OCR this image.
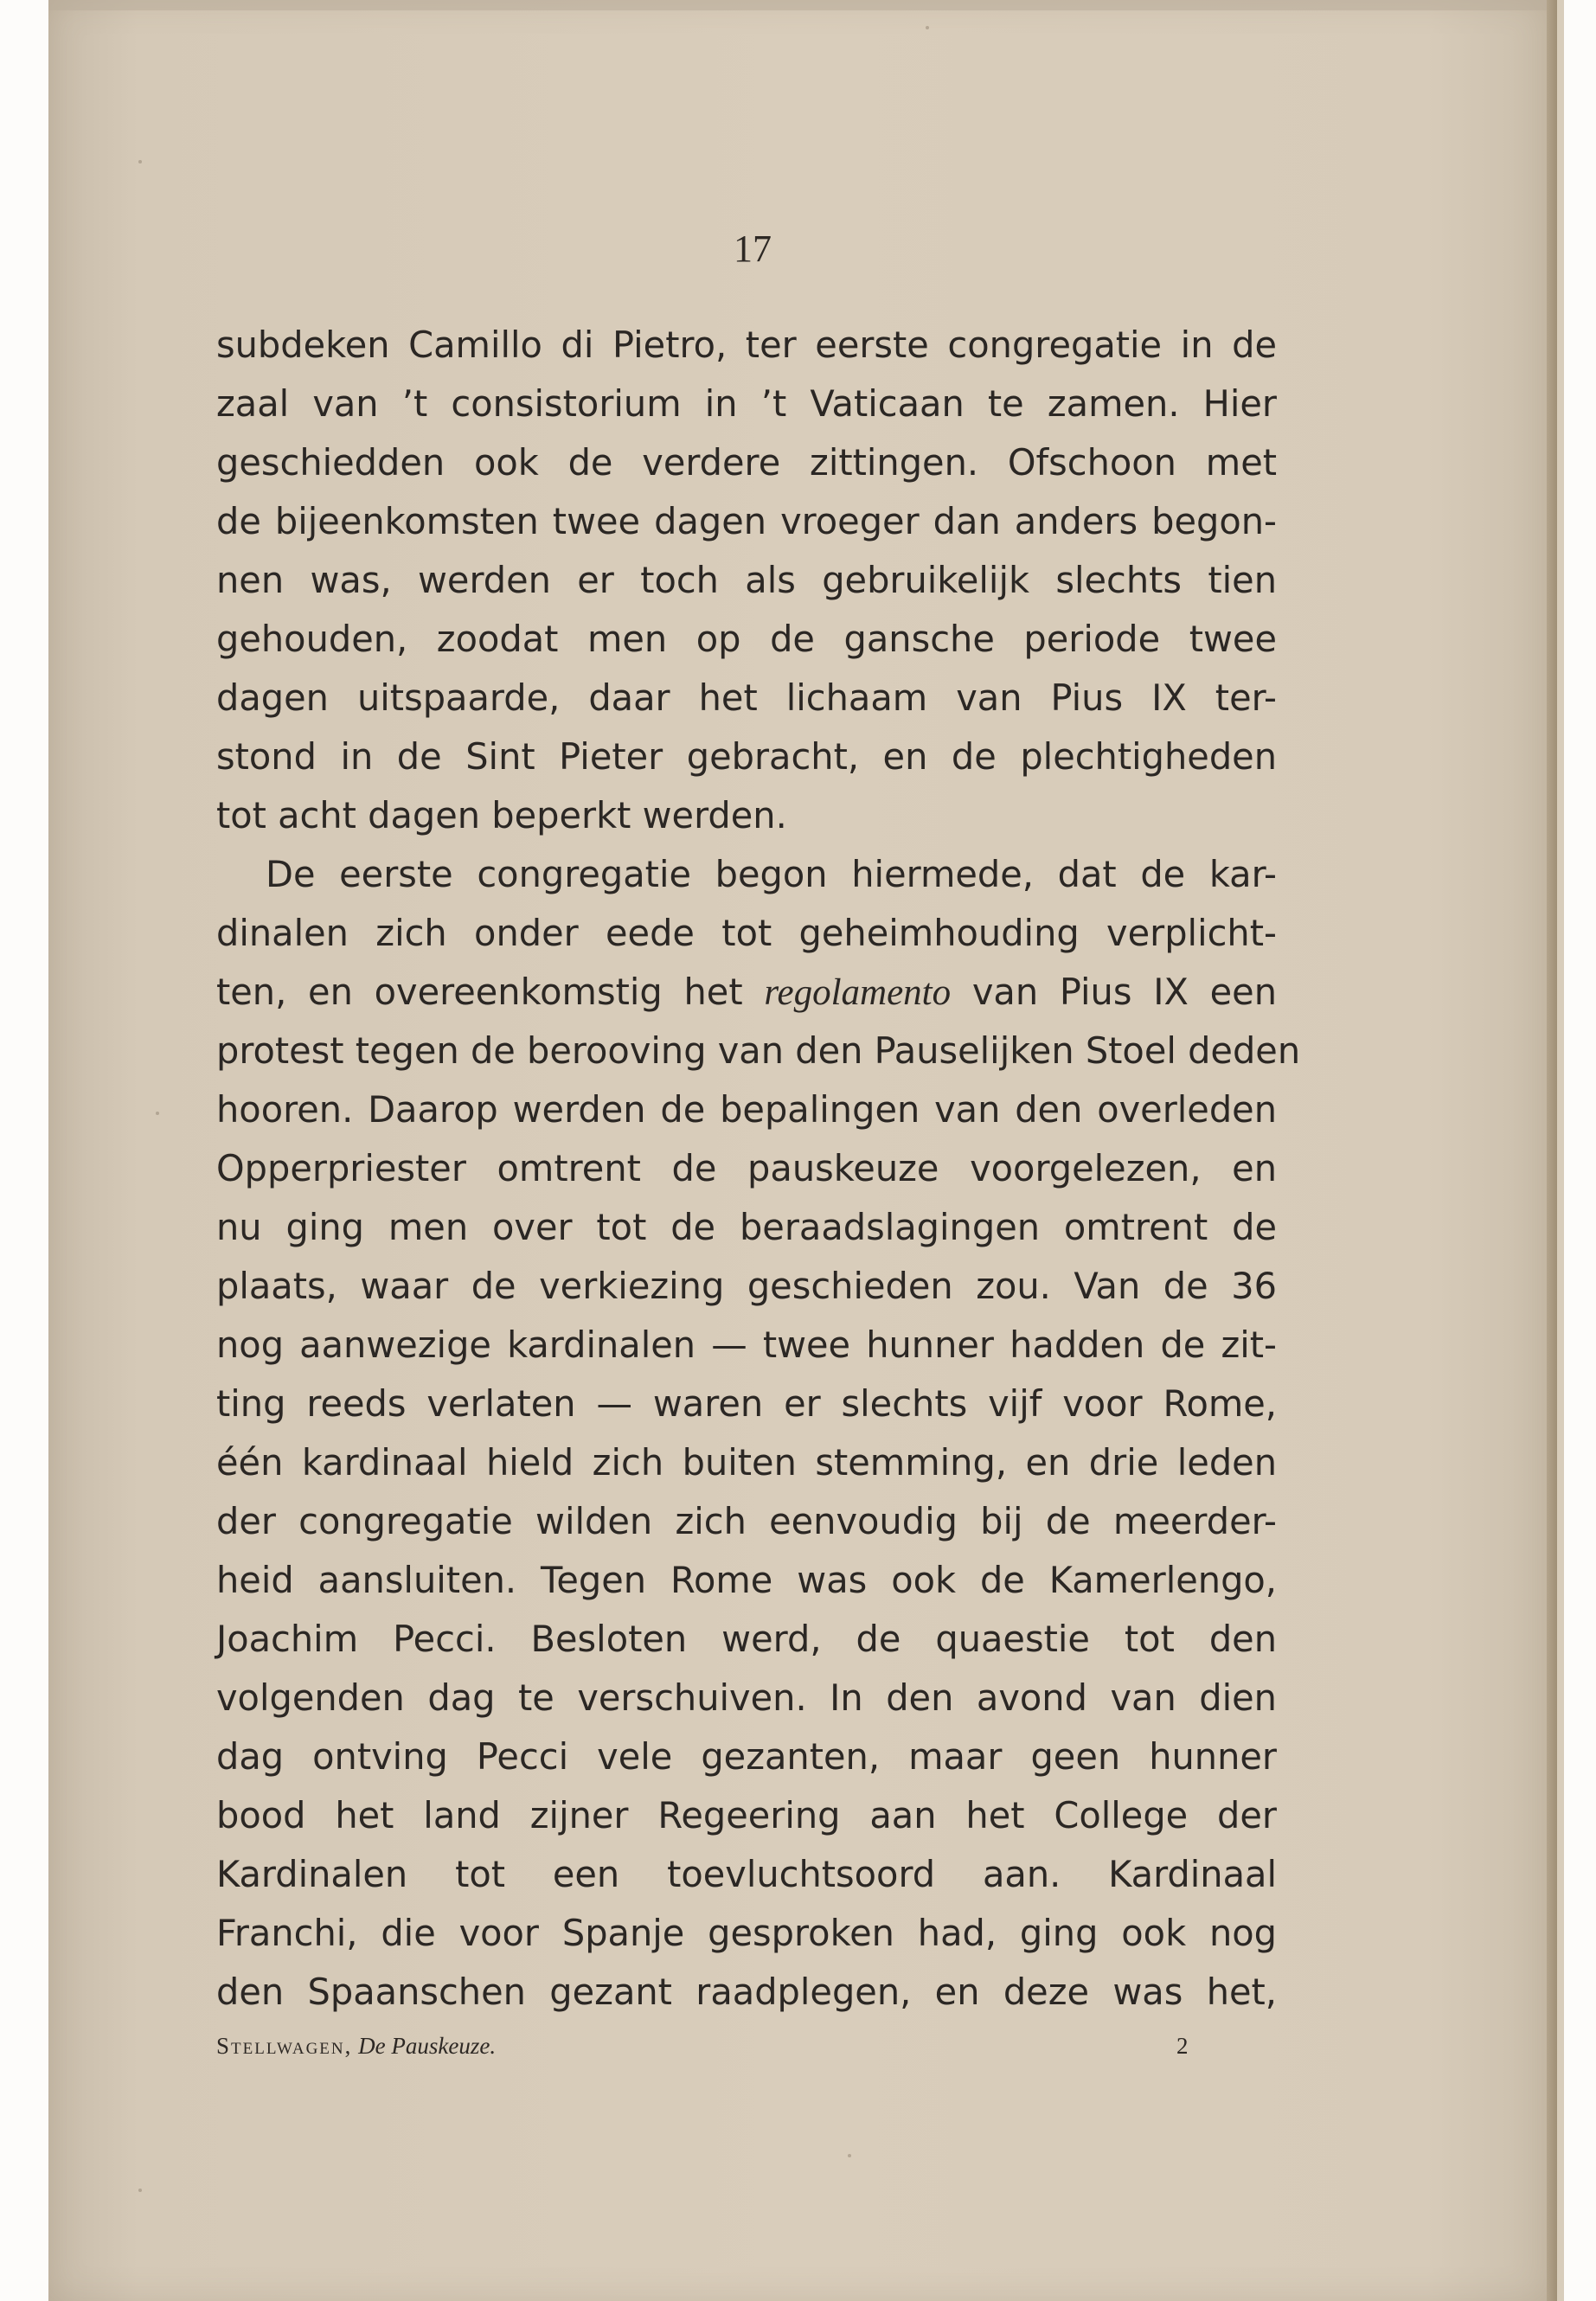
17

subdeken Camillo di Pietro, ter eerste congregatie in de
zaal van ’t consistorium in ’t Vaticaan te zamen. Hier
geschiedden ook de verdere zittingen. Ofschoon met
de bijeenkomsten twee dagen vroeger dan anders begon-
nen was, werden er toch als gebruikelijk slechts tien
gehouden, zoodat men op de gansche periode twee
dagen uitspaarde, daar het lichaam van Pius IX ter-
stond in de Sint Pieter gebracht, en de plechtigheden
tot acht dagen beperkt werden.
De eerste congregatie begon hiermede, dat de kar-
dinalen zich onder eede tot geheimhouding verplicht-
ten, en overeenkomstig het regolamento van Pius IX een
protest tegen de berooving van den Pauselijken Stoel deden
hooren. Daarop werden de bepalingen van den overleden
Opperpriester omtrent de pauskeuze voorgelezen, en
nu ging men over tot de beraadslagingen omtrent de
plaats, waar de verkiezing geschieden zou. Van de 36
nog aanwezige kardinalen — twee hunner hadden de zit-
ting reeds verlaten — waren er slechts vijf voor Rome,
één kardinaal hield zich buiten stemming, en drie leden
der congregatie wilden zich eenvoudig bij de meerder-
heid aansluiten. Tegen Rome was ook de Kamerlengo,
Joachim Pecci. Besloten werd, de quaestie tot den
volgenden dag te verschuiven. In den avond van dien
dag ontving Pecci vele gezanten, maar geen hunner
bood het land zijner Regeering aan het College der
Kardinalen tot een toevluchtsoord aan. Kardinaal
Franchi, die voor Spanje gesproken had, ging ook nog
den Spaanschen gezant raadplegen, en deze was het,
Stellwagen, De Pauskeuze.	2
